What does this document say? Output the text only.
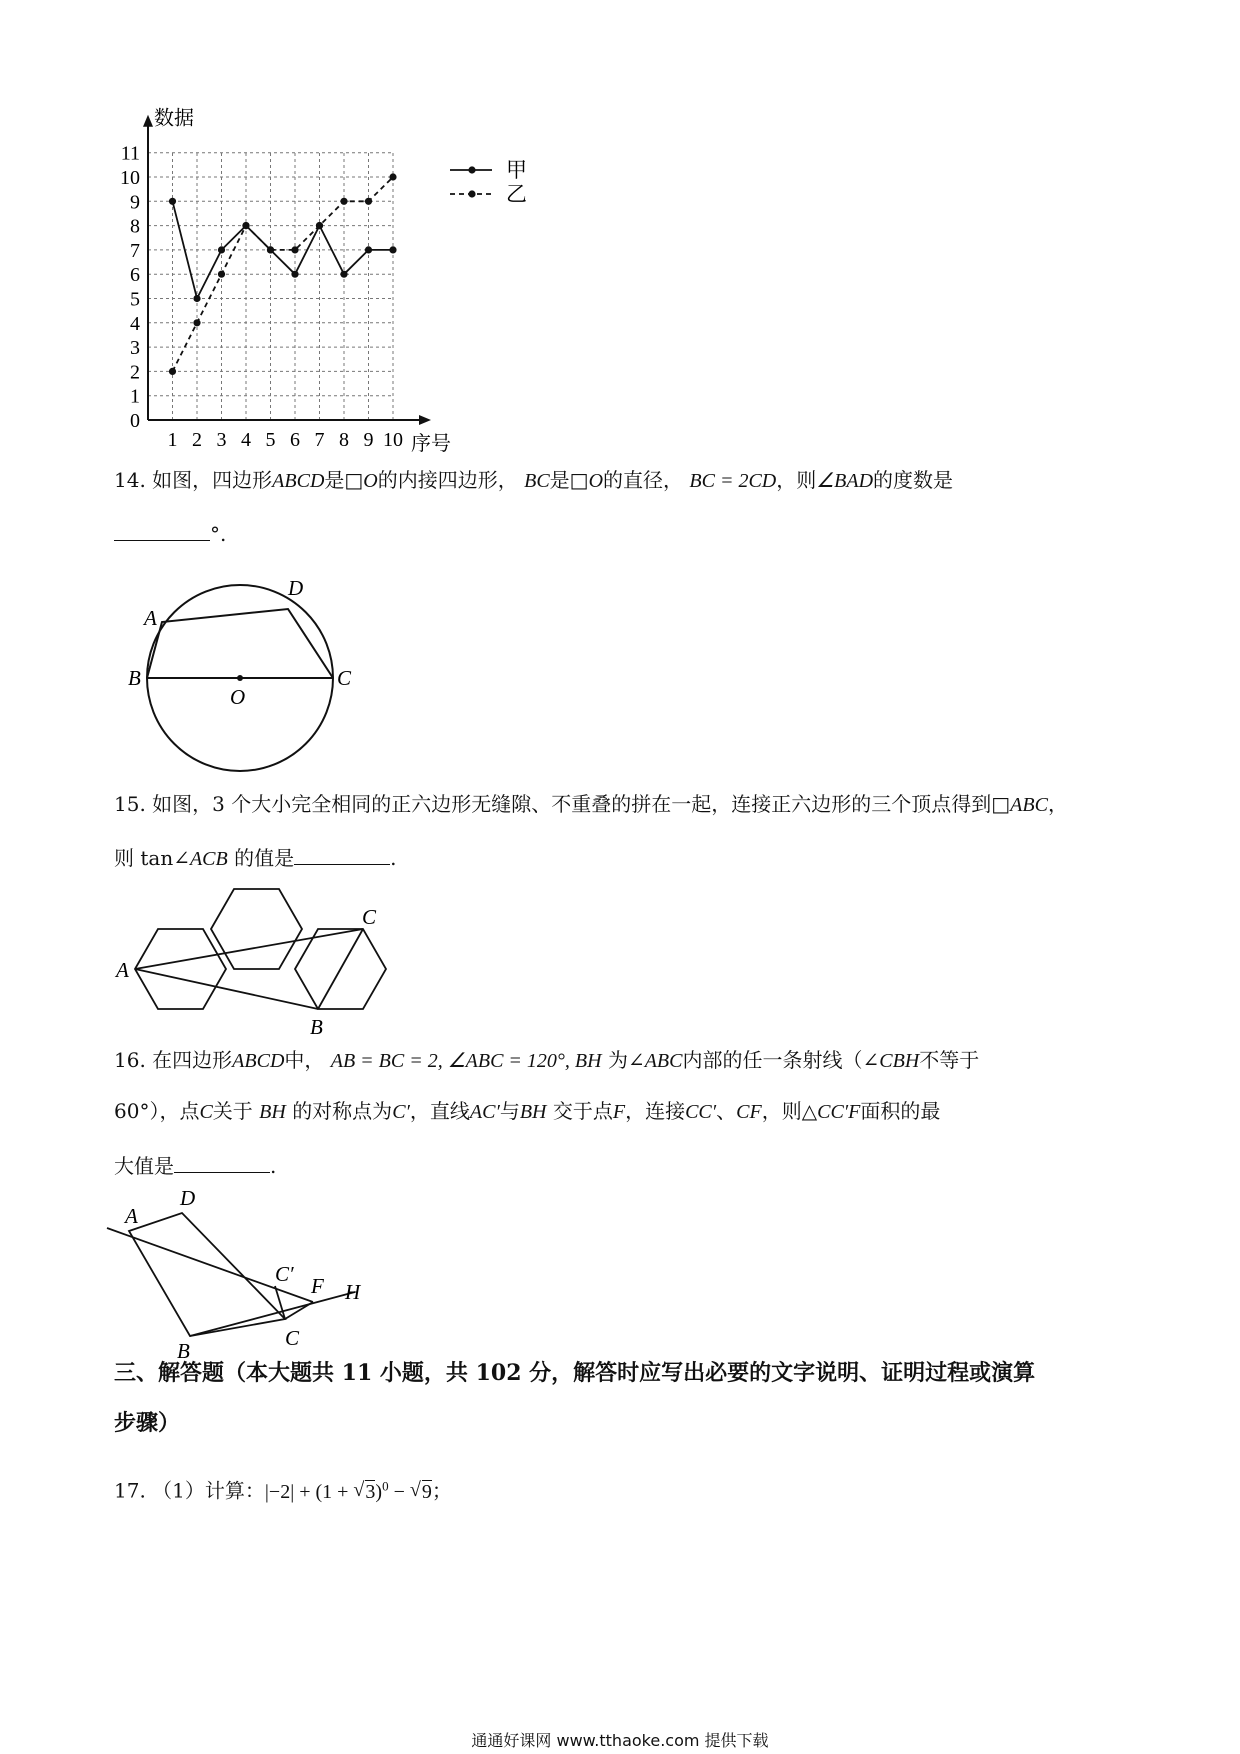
0
1
2
3
4
5
6
7
8
9
10
11
1 2 3 4 5 6 7 8 9 10
数据
序号
甲
乙
14. 如图，四边形ABCD是□O的内接四边形， BC是□O的直径， BC = 2CD，则∠BAD的度数是
°.
A
B	C
D
O
15. 如图，3 个大小完全相同的正六边形无缝隙、不重叠的拼在一起，连接正六边形的三个顶点得到□ABC，
则 tan∠ACB 的值是	.
A
B
C
16. 在四边形ABCD中， AB = BC = 2, ∠ABC = 120°, BH 为∠ABC内部的任一条射线（∠CBH不等于
60°），点C关于 BH 的对称点为C′，直线AC′与BH 交于点F，连接CC′、CF，则△CC′F面积的最
大值是	.
A
D
B
C
C′ F H
三、解答题（本大题共 11 小题，共 102 分，解答时应写出必要的文字说明、证明过程或演算
步骤）
17. （1）计算：|−2| + (1 + √ 3)$^0$ − √ 9；
通通好课网 www.tthaoke.com 提供下载
